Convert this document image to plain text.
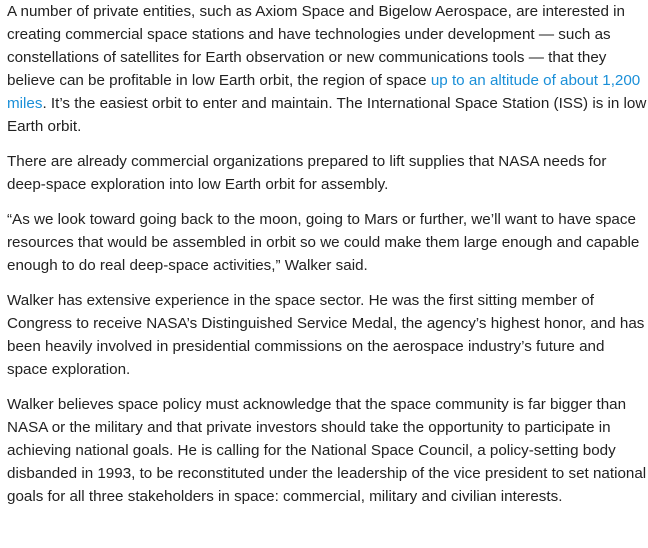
A number of private entities, such as Axiom Space and Bigelow Aerospace, are interested in creating commercial space stations and have technologies under development — such as constellations of satellites for Earth observation or new communications tools — that they believe can be profitable in low Earth orbit, the region of space up to an altitude of about 1,200 miles. It’s the easiest orbit to enter and maintain. The International Space Station (ISS) is in low Earth orbit.

There are already commercial organizations prepared to lift supplies that NASA needs for deep-space exploration into low Earth orbit for assembly.

“As we look toward going back to the moon, going to Mars or further, we’ll want to have space resources that would be assembled in orbit so we could make them large enough and capable enough to do real deep-space activities,” Walker said.

Walker has extensive experience in the space sector. He was the first sitting member of Congress to receive NASA’s Distinguished Service Medal, the agency’s highest honor, and has been heavily involved in presidential commissions on the aerospace industry’s future and space exploration.

Walker believes space policy must acknowledge that the space community is far bigger than NASA or the military and that private investors should take the opportunity to participate in achieving national goals. He is calling for the National Space Council, a policy-setting body disbanded in 1993, to be reconstituted under the leadership of the vice president to set national goals for all three stakeholders in space: commercial, military and civilian interests.
